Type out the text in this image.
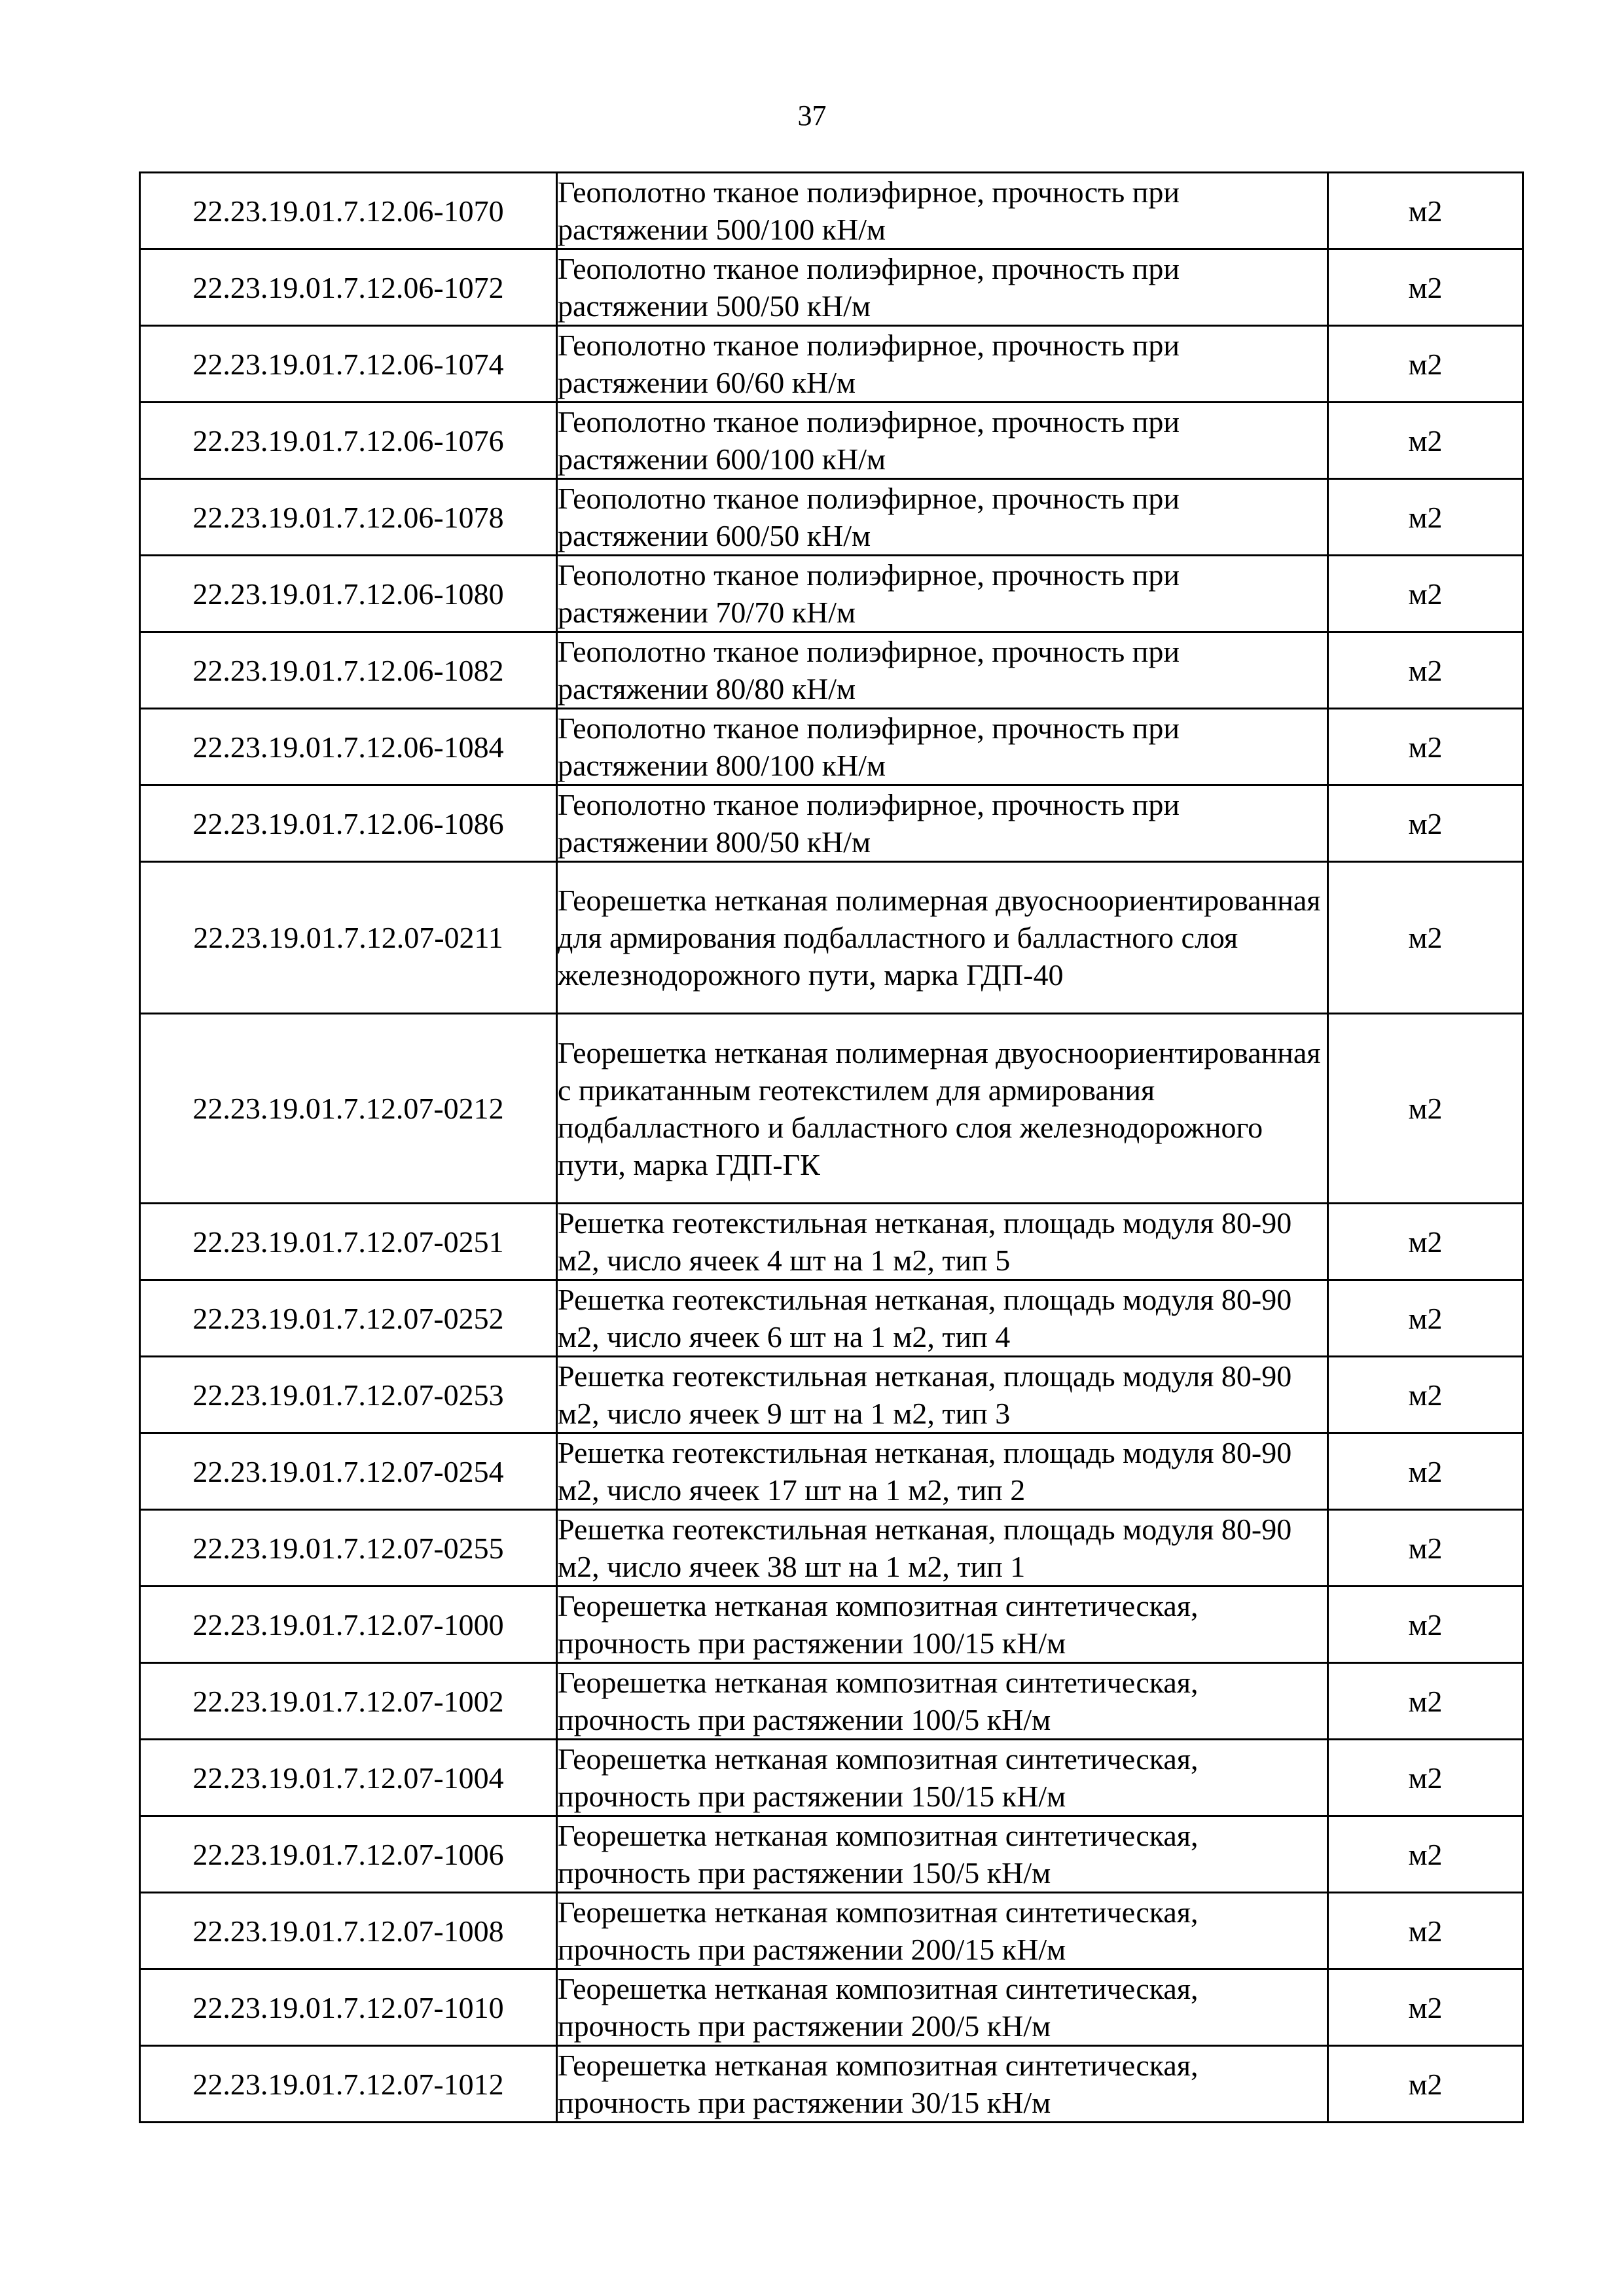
37
22.23.19.01.7.12.06-1070	Геополотно тканое полиэфирное, прочность при растяжении 500/100 кН/м	м2
22.23.19.01.7.12.06-1072	Геополотно тканое полиэфирное, прочность при растяжении 500/50 кН/м	м2
22.23.19.01.7.12.06-1074	Геополотно тканое полиэфирное, прочность при растяжении 60/60 кН/м	м2
22.23.19.01.7.12.06-1076	Геополотно тканое полиэфирное, прочность при растяжении 600/100 кН/м	м2
22.23.19.01.7.12.06-1078	Геополотно тканое полиэфирное, прочность при растяжении 600/50 кН/м	м2
22.23.19.01.7.12.06-1080	Геополотно тканое полиэфирное, прочность при растяжении 70/70 кН/м	м2
22.23.19.01.7.12.06-1082	Геополотно тканое полиэфирное, прочность при растяжении 80/80 кН/м	м2
22.23.19.01.7.12.06-1084	Геополотно тканое полиэфирное, прочность при растяжении 800/100 кН/м	м2
22.23.19.01.7.12.06-1086	Геополотно тканое полиэфирное, прочность при растяжении 800/50 кН/м	м2
22.23.19.01.7.12.07-0211	Георешетка нетканая полимерная двуосноориентированная для армирования подбалластного и балластного слоя железнодорожного пути, марка ГДП-40	м2
22.23.19.01.7.12.07-0212	Георешетка нетканая полимерная двуосноориентированная с прикатанным геотекстилем для армирования подбалластного и балластного слоя железнодорожного пути, марка ГДП-ГК	м2
22.23.19.01.7.12.07-0251	Решетка геотекстильная нетканая, площадь модуля 80-90 м2, число ячеек 4 шт на 1 м2, тип 5	м2
22.23.19.01.7.12.07-0252	Решетка геотекстильная нетканая, площадь модуля 80-90 м2, число ячеек 6 шт на 1 м2, тип 4	м2
22.23.19.01.7.12.07-0253	Решетка геотекстильная нетканая, площадь модуля 80-90 м2, число ячеек 9 шт на 1 м2, тип 3	м2
22.23.19.01.7.12.07-0254	Решетка геотекстильная нетканая, площадь модуля 80-90 м2, число ячеек 17 шт на 1 м2, тип 2	м2
22.23.19.01.7.12.07-0255	Решетка геотекстильная нетканая, площадь модуля 80-90 м2, число ячеек 38 шт на 1 м2, тип 1	м2
22.23.19.01.7.12.07-1000	Георешетка нетканая композитная синтетическая, прочность при растяжении 100/15 кН/м	м2
22.23.19.01.7.12.07-1002	Георешетка нетканая композитная синтетическая, прочность при растяжении 100/5 кН/м	м2
22.23.19.01.7.12.07-1004	Георешетка нетканая композитная синтетическая, прочность при растяжении 150/15 кН/м	м2
22.23.19.01.7.12.07-1006	Георешетка нетканая композитная синтетическая, прочность при растяжении 150/5 кН/м	м2
22.23.19.01.7.12.07-1008	Георешетка нетканая композитная синтетическая, прочность при растяжении 200/15 кН/м	м2
22.23.19.01.7.12.07-1010	Георешетка нетканая композитная синтетическая, прочность при растяжении 200/5 кН/м	м2
22.23.19.01.7.12.07-1012	Георешетка нетканая композитная синтетическая, прочность при растяжении 30/15 кН/м	м2
